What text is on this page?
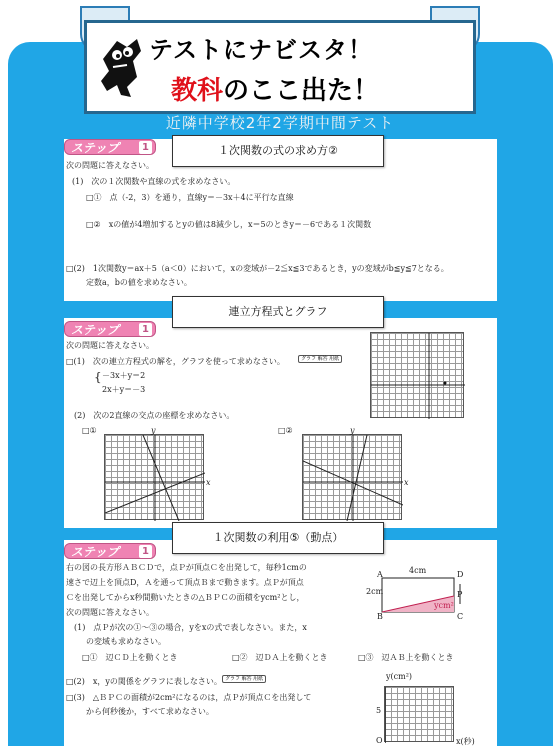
テストにナビスタ！
教科のここ出た！
近隣中学校2年2学期中間テスト
ステップ	1
次の問題に答えなさい。
(1)　次の１次関数や直線の式を求めなさい。
□①　点（-2，3）を通り，直線y＝－3x＋4に平行な直線
□②　xの値が4増加するとyの値は8減少し，x＝5のときy＝－6である１次関数
□(2)　1次関数y＝ax＋5（a＜0）において，xの変域が－2≦x≦3であるとき，yの変域がb≦y≦7となる。
定数a，bの値を求めなさい。
１次関数の式の求め方②
ステップ	1
次の問題に答えなさい。
□(1)　次の連立方程式の解を，グラフを使って求めなさい。	グラフ 解答 用紙
{ －3x＋y＝2
2x＋y＝－3
(2)　次の2直線の交点の座標を求めなさい。
□①	□②
y
x
y
x
連立方程式とグラフ
ステップ	1
右の図の長方形ＡＢＣＤで，点Ｐが頂点Ｃを出発して，毎秒1cmの
速さで辺上を頂点D，Ａを通って頂点Ｂまで動きます。点Ｐが頂点
Ｃを出発してからx秒間動いたときの△ＢＰＣの面積をycm²とし，
次の問題に答えなさい。
(1)　点Ｐが次の①～③の場合，yをxの式で表しなさい。また，x
の変域も求めなさい。
□①　辺ＣＤ上を動くとき	□②　辺ＤＡ上を動くとき	□③　辺ＡＢ上を動くとき
□(2)　x，yの関係をグラフに表しなさい。 グラフ 解答 用紙
□(3)　△ＢＰＣの面積が2cm²になるのは，点Ｐが頂点Ｃを出発して
から何秒後か，すべて求めなさい。
A
B	C
D
P
4cm
2cm
ycm²
y(cm²)
5
O	x(秒)
１次関数の利用⑤（動点）
